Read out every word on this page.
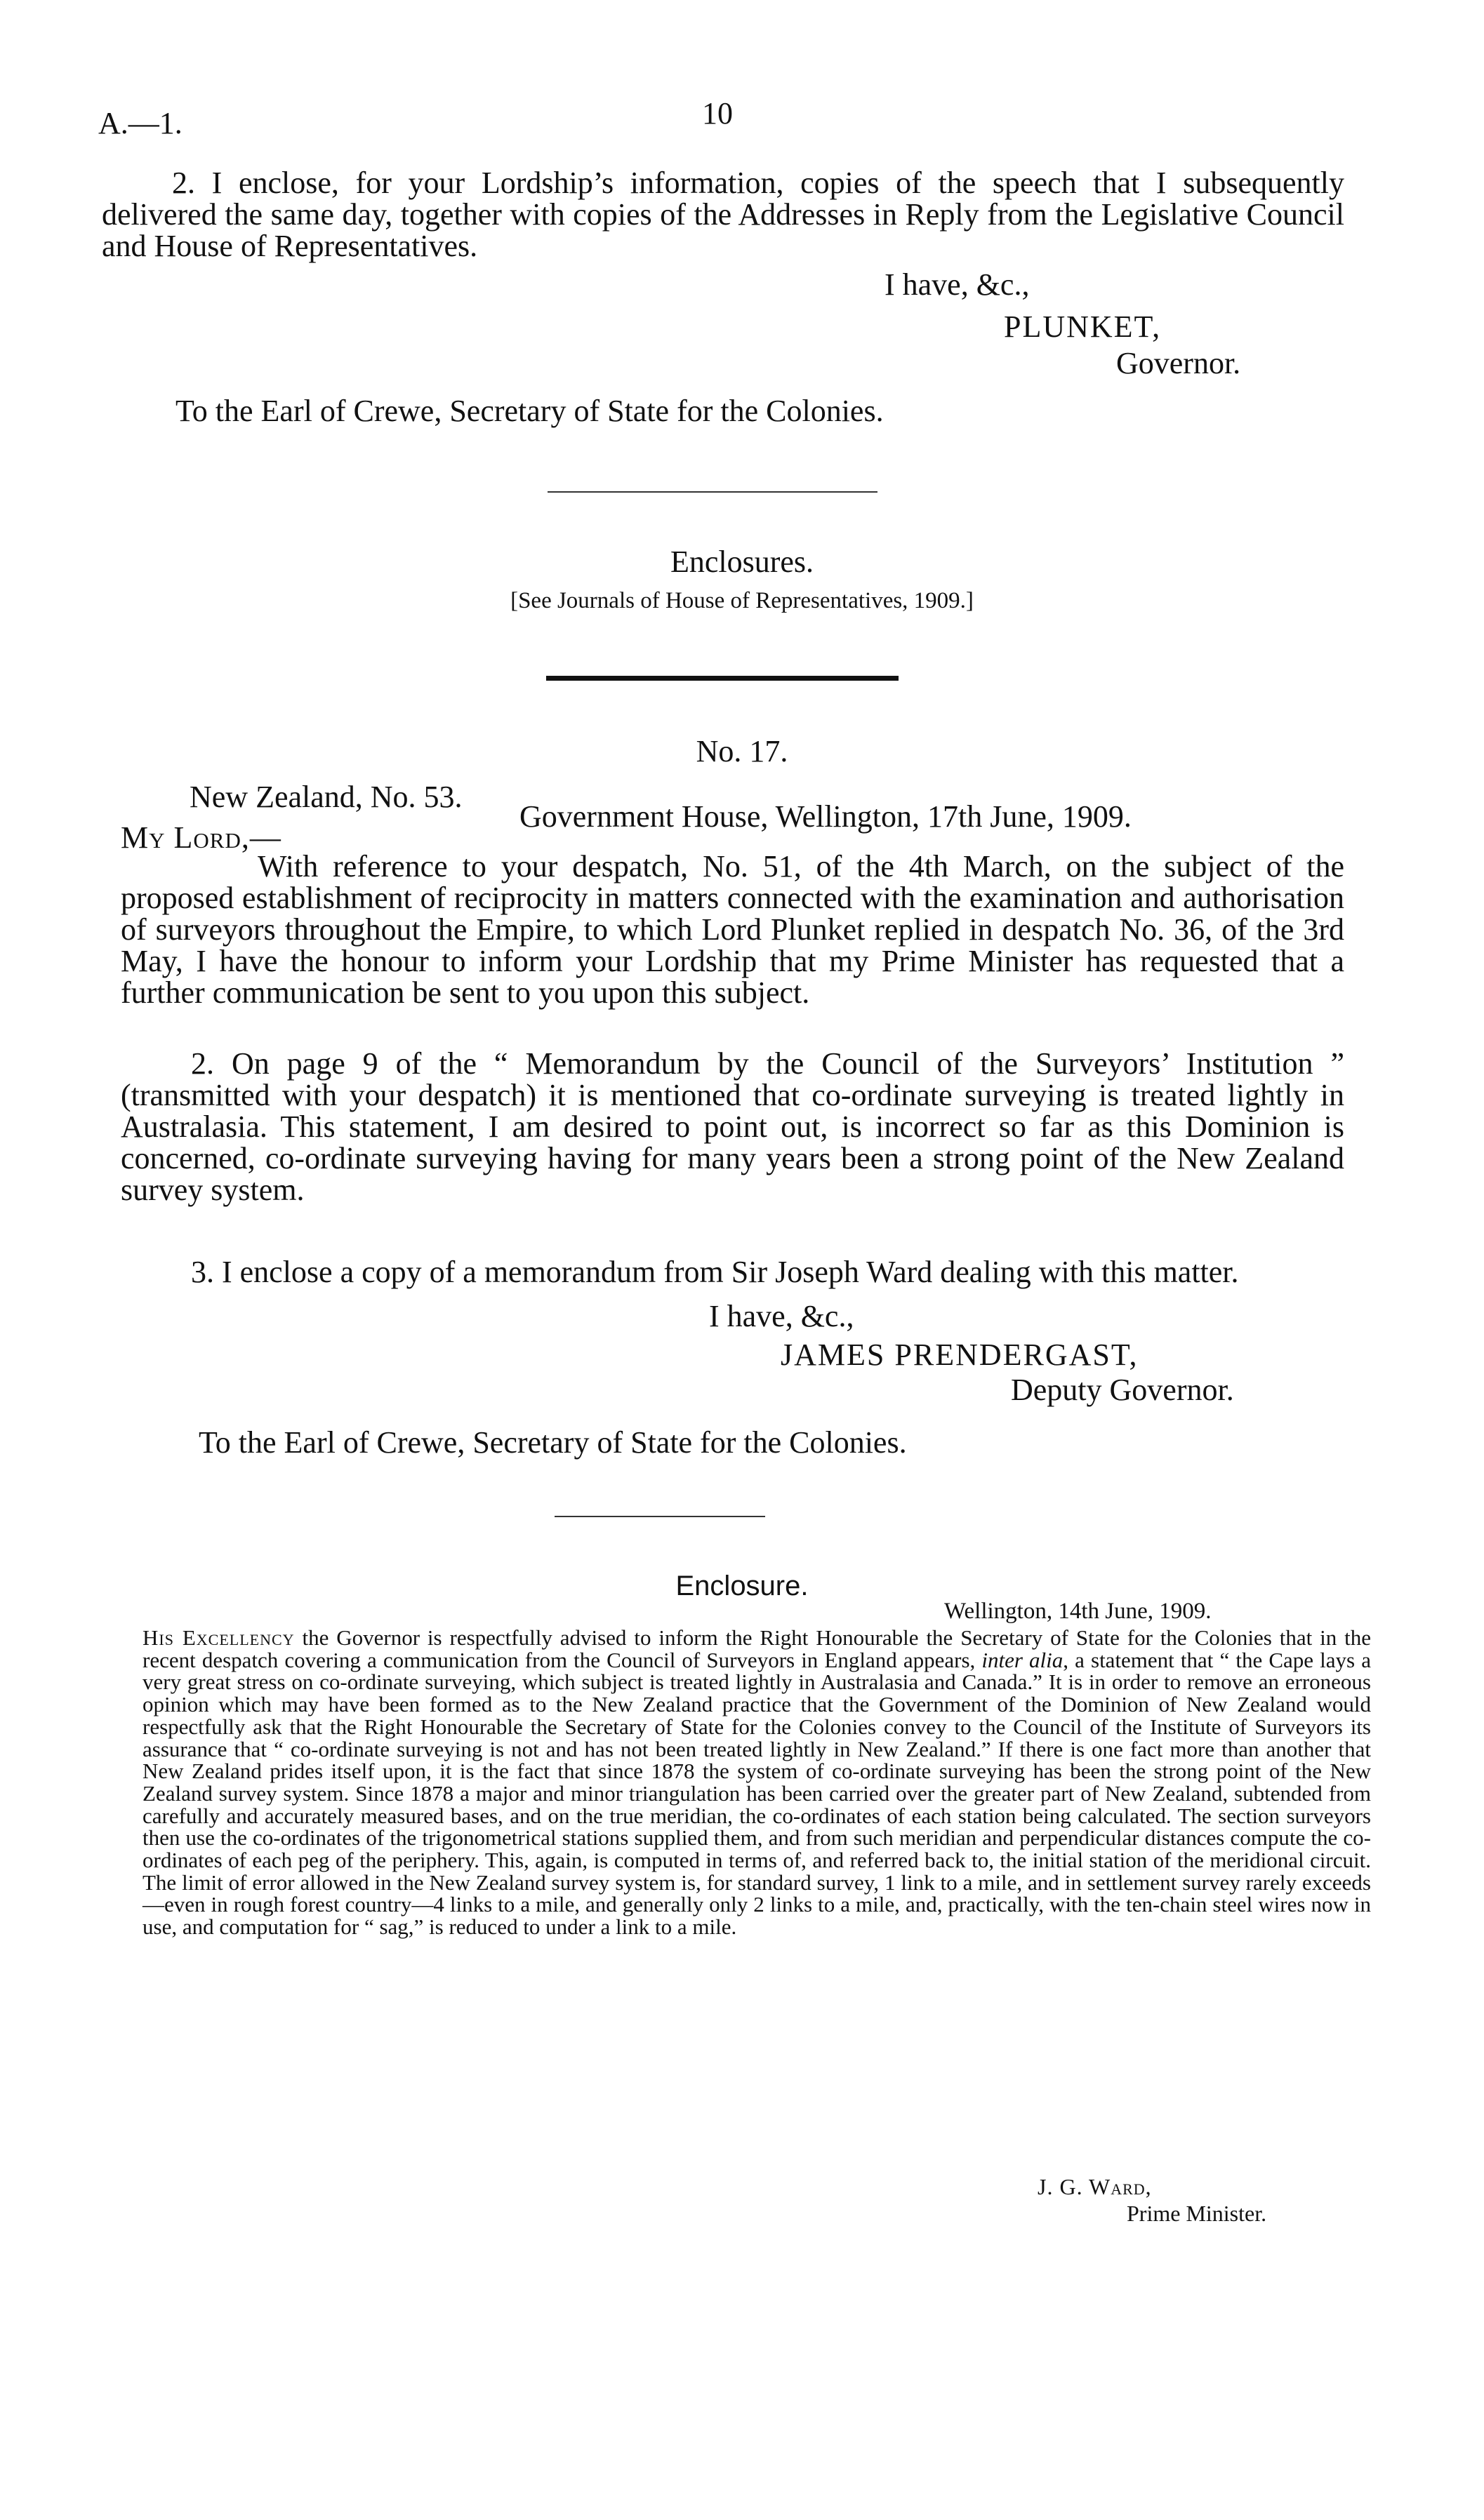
A.—1.	10
2. I enclose, for your Lordship’s information, copies of the speech that I subsequently delivered the same day, together with copies of the Addresses in Reply from the Legislative Council and House of Representatives.
I have, &c.,
PLUNKET,
Governor.
To the Earl of Crewe, Secretary of State for the Colonies.
Enclosures.
[See Journals of House of Representatives, 1909.]
No. 17.
New Zealand, No. 53.
Government House, Wellington, 17th June, 1909.
My Lord,—
With reference to your despatch, No. 51, of the 4th March, on the subject of the proposed establishment of reciprocity in matters connected with the examination and authorisation of surveyors throughout the Empire, to which Lord Plunket replied in despatch No. 36, of the 3rd May, I have the honour to inform your Lordship that my Prime Minister has requested that a further communication be sent to you upon this subject.
2. On page 9 of the “ Memorandum by the Council of the Surveyors’ Institution ” (transmitted with your despatch) it is mentioned that co-ordinate surveying is treated lightly in Australasia. This statement, I am desired to point out, is incorrect so far as this Dominion is concerned, co-ordinate surveying having for many years been a strong point of the New Zealand survey system.
3. I enclose a copy of a memorandum from Sir Joseph Ward dealing with this matter.
I have, &c.,
JAMES PRENDERGAST,
Deputy Governor.
To the Earl of Crewe, Secretary of State for the Colonies.
Enclosure.
Wellington, 14th June, 1909.
His Excellency the Governor is respectfully advised to inform the Right Honourable the Secretary of State for the Colonies that in the recent despatch covering a communication from the Council of Surveyors in England appears, inter alia, a statement that “ the Cape lays a very great stress on co-ordinate surveying, which subject is treated lightly in Australasia and Canada.” It is in order to remove an erroneous opinion which may have been formed as to the New Zealand practice that the Government of the Dominion of New Zealand would respectfully ask that the Right Honourable the Secretary of State for the Colonies convey to the Council of the Institute of Surveyors its assurance that “ co-ordinate surveying is not and has not been treated lightly in New Zealand.” If there is one fact more than another that New Zealand prides itself upon, it is the fact that since 1878 the system of co-ordinate surveying has been the strong point of the New Zealand survey system. Since 1878 a major and minor triangulation has been carried over the greater part of New Zealand, subtended from carefully and accurately measured bases, and on the true meridian, the co-ordinates of each station being calculated. The section surveyors then use the co-ordinates of the trigonometrical stations supplied them, and from such meridian and perpendicular distances compute the co-ordinates of each peg of the periphery. This, again, is computed in terms of, and referred back to, the initial station of the meridional circuit. The limit of error allowed in the New Zealand survey system is, for standard survey, 1 link to a mile, and in settlement survey rarely exceeds—even in rough forest country—4 links to a mile, and generally only 2 links to a mile, and, practically, with the ten-chain steel wires now in use, and computation for “ sag,” is reduced to under a link to a mile.
J. G. Ward,
Prime Minister.
